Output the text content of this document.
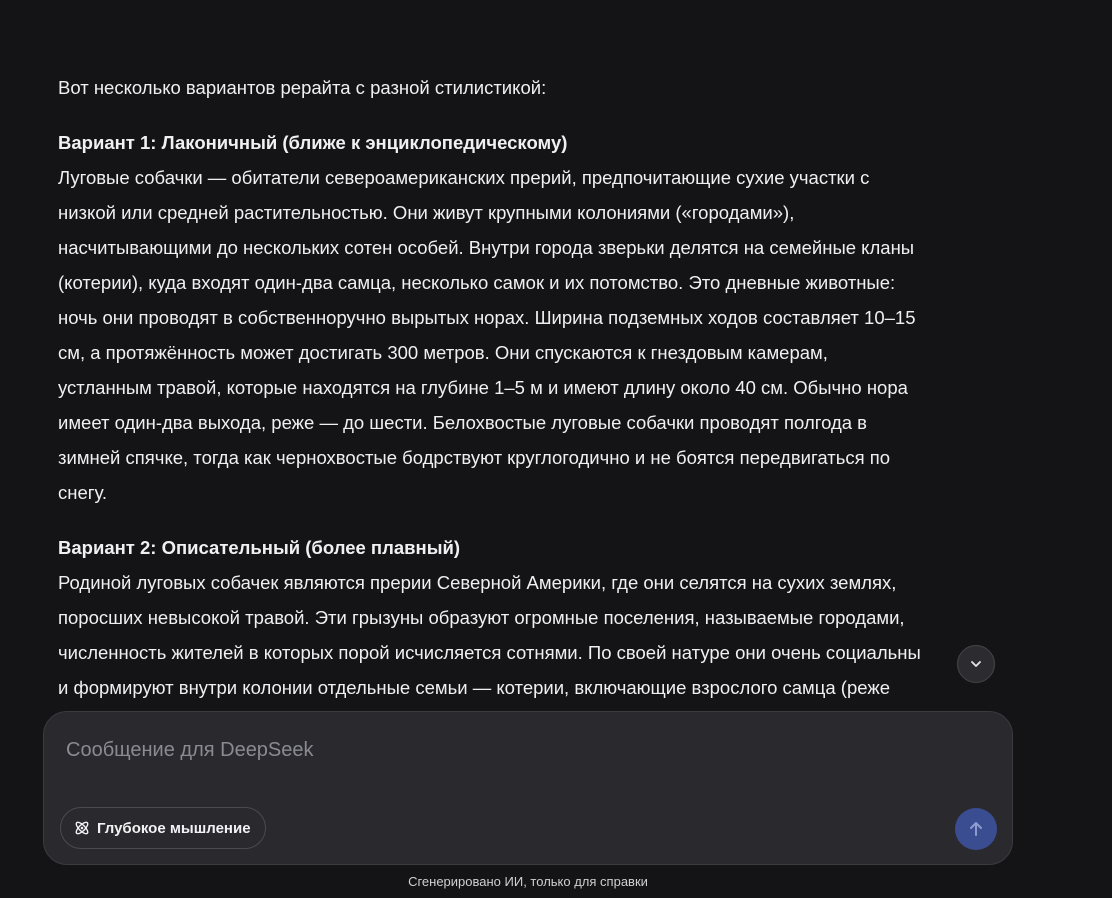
Вот несколько вариантов рерайта с разной стилистикой:

Вариант 1: Лаконичный (ближе к энциклопедическому)
Луговые собачки — обитатели североамериканских прерий, предпочитающие сухие участки с
низкой или средней растительностью. Они живут крупными колониями («городами»),
насчитывающими до нескольких сотен особей. Внутри города зверьки делятся на семейные кланы
(котерии), куда входят один-два самца, несколько самок и их потомство. Это дневные животные:
ночь они проводят в собственноручно вырытых норах. Ширина подземных ходов составляет 10–15
см, а протяжённость может достигать 300 метров. Они спускаются к гнездовым камерам,
устланным травой, которые находятся на глубине 1–5 м и имеют длину около 40 см. Обычно нора
имеет один-два выхода, реже — до шести. Белохвостые луговые собачки проводят полгода в
зимней спячке, тогда как чернохвостые бодрствуют круглогодично и не боятся передвигаться по
снегу.

Вариант 2: Описательный (более плавный)
Родиной луговых собачек являются прерии Северной Америки, где они селятся на сухих землях,
поросших невысокой травой. Эти грызуны образуют огромные поселения, называемые городами,
численность жителей в которых порой исчисляется сотнями. По своей натуре они очень социальны
и формируют внутри колонии отдельные семьи — котерии, включающие взрослого самца (реже

Сообщение для DeepSeek
Глубокое мышление
Сгенерировано ИИ, только для справки
